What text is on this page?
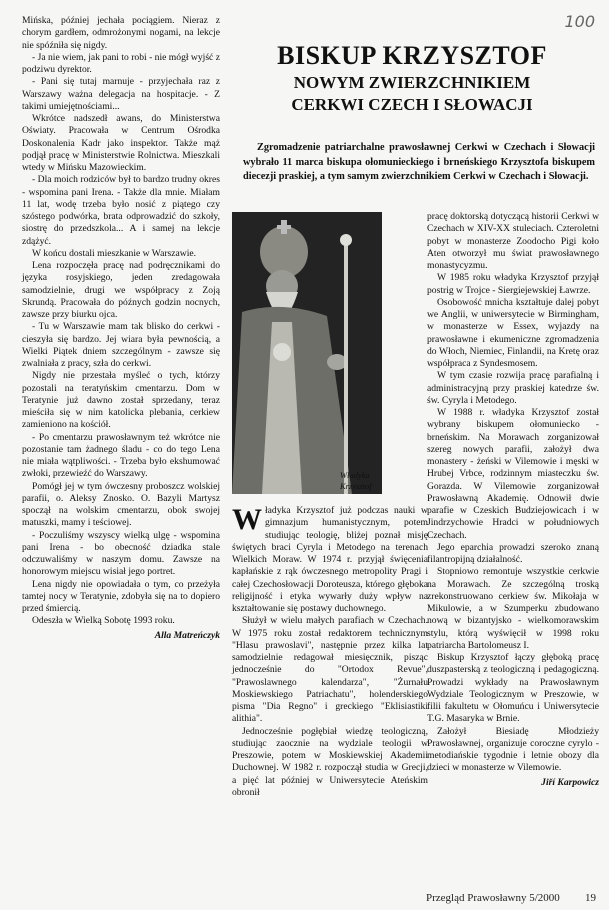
100

Mińska, później jechała pociągiem. Nieraz z chorym gardłem, odmrożonymi nogami, na lekcje nie spóźniła się nigdy.

- Ja nie wiem, jak pani to robi - nie mógł wyjść z podziwu dyrektor.

- Pani się tutaj marnuje - przyjechała raz z Warszawy ważna delegacja na hospitacje. - Z takimi umiejętnościami...

Wkrótce nadszedł awans, do Ministerstwa Oświaty. Pracowała w Centrum Ośrodka Doskonalenia Kadr jako inspektor. Także mąż podjął pracę w Ministerstwie Rolnictwa. Mieszkali wtedy w Mińsku Mazowieckim.

- Dla moich rodziców był to bardzo trudny okres - wspomina pani Irena. - Także dla mnie. Miałam 11 lat, wodę trzeba było nosić z piątego czy szóstego podwórka, brata odprowadzić do szkoły, siostrę do przedszkola... A i samej na lekcje zdążyć.

W końcu dostali mieszkanie w Warszawie.

Lena rozpoczęła pracę nad podręcznikami do języka rosyjskiego, jeden zredagowała samodzielnie, drugi we współpracy z Zoją Skrundą. Pracowała do późnych godzin nocnych, zawsze przy biurku ojca.

- Tu w Warszawie mam tak blisko do cerkwi - cieszyła się bardzo. Jej wiara była pewnością, a Wielki Piątek dniem szczególnym - zawsze się zwalniała z pracy, szła do cerkwi.

Nigdy nie przestała myśleć o tych, którzy pozostali na teratyńskim cmentarzu. Dom w Teratynie już dawno został sprzedany, teraz mieściła się w nim katolicka plebania, cerkiew zamieniono na kościół.

- Po cmentarzu prawosławnym też wkrótce nie pozostanie tam żadnego śladu - co do tego Lena nie miała wątpliwości. - Trzeba było ekshumować zwłoki, przewieźć do Warszawy.

Pomógł jej w tym ówczesny proboszcz wolskiej parafii, o. Aleksy Znosko. O. Bazyli Martysz spoczął na wolskim cmentarzu, obok swojej matuszki, mamy i teściowej.

- Poczuliśmy wszyscy wielką ulgę - wspomina pani Irena - bo obecność dziadka stale odczuwaliśmy w naszym domu. Zawsze na honorowym miejscu wisiał jego portret.

Lena nigdy nie opowiadała o tym, co przeżyła tamtej nocy w Teratynie, zdobyła się na to dopiero przed śmiercią.

Odeszła w Wielką Sobotę 1993 roku.

Alla Matreńczyk

BISKUP KRZYSZTOF
NOWYM ZWIERZCHNIKIEM
CERKWI CZECH I SŁOWACJI
Zgromadzenie patriarchalne prawosławnej Cerkwi w Czechach i Słowacji wybrało 11 marca biskupa ołomunieckiego i brneńskiego Krzysztofa biskupem diecezji praskiej, a tym samym zwierzchnikiem Cerkwi w Czechach i Słowacji.
Władyka
Krzysztof

Władyka Krzysztof już podczas nauki w gimnazjum humanistycznym, potem studiując teologię, bliżej poznał misję świętych braci Cyryla i Metodego na terenach Wielkich Moraw. W 1974 r. przyjął święcenia kapłańskie z rąk ówczesnego metropolity Pragi i całej Czechosłowacji Doroteusza, którego głęboka religijność i etyka wywarły duży wpływ na kształtowanie się postawy duchownego.

Służył w wielu małych parafiach w Czechach. W 1975 roku został redaktorem technicznym "Hlasu prawoslavi", następnie przez kilka lat samodzielnie redagował miesięcznik, pisząc jednocześnie do "Ortodox Revue", "Prawoslawnego kalendarza", "Żurnału Moskiewskiego Patriachatu", holenderskiego pisma "Dia Regno" i greckiego "Eklisiastiki alithia".

Jednocześnie pogłębiał wiedzę teologiczną, studiując zaocznie na wydziale teologii w Preszowie, potem w Moskiewskiej Akademii Duchownej. W 1982 r. rozpoczął studia w Grecji, a pięć lat później w Uniwersytecie Ateńskim obronił

pracę doktorską dotyczącą historii Cerkwi w Czechach w XIV-XX stuleciach. Czteroletni pobyt w monasterze Zoodocho Pigi koło Aten otworzył mu świat prawosławnego monastycyzmu.

W 1985 roku władyka Krzysztof przyjął postrig w Trojce - Siergiejewskiej Ławrze.

Osobowość mnicha kształtuje dalej pobyt we Anglii, w uniwersytecie w Birmingham, w monasterze w Essex, wyjazdy na prawosławne i ekumeniczne zgromadzenia do Włoch, Niemiec, Finlandii, na Kretę oraz współpraca z Syndesmosem.

W tym czasie rozwija pracę parafialną i administracyjną przy praskiej katedrze św. św. Cyryla i Metodego.

W 1988 r. władyka Krzysztof został wybrany biskupem ołomuniecko - brneńskim. Na Morawach zorganizował szereg nowych parafii, założył dwa monastery - żeński w Vilemowie i męski w Hrubej Vrbce, rodzinnym miasteczku św. Gorazda. W Vilemowie zorganizował Prawosławną Akademię. Odnowił dwie parafie w Czeskich Budziejowicach i w Jindrzychowie Hradci w południowych Czechach.

Jego eparchia prowadzi szeroko znaną filantropijną działalność.

Stopniowo remontuje wszystkie cerkwie na Morawach. Ze szczególną troską zrekonstruowano cerkiew św. Mikołaja w Mikulowie, a w Szumperku zbudowano nową w bizantyjsko - wielkomorawskim stylu, którą wyświęcił w 1998 roku patriarcha Bartolomeusz I.

Biskup Krzysztof łączy głęboką pracę duszpasterską z teologiczną i pedagogiczną. Prowadzi wykłady na Prawosławnym Wydziale Teologicznym w Preszowie, w filii fakultetu w Ołomuńcu i Uniwersytecie T.G. Masaryka w Brnie.

Założył Biesiadę Młodzieży Prawosławnej, organizuje coroczne cyrylo - metodiańskie tygodnie i letnie obozy dla dzieci w monasterze w Vilemowie.

Jiří Karpowicz

Przegląd Prawosławny 5/2000 19
